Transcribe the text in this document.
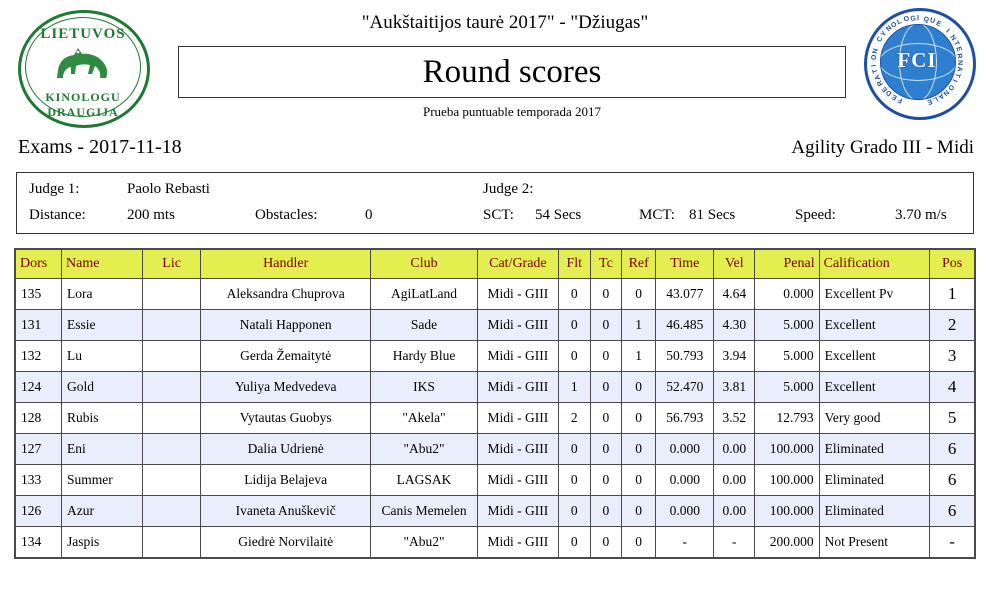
LIETUVOS
KINOLOGU DRAUGIJA
"Aukštaitijos taurė 2017" - "Džiugas"
Round scores
Prueba puntuable temporada 2017
FCI
F
E
D
E
R
A
T
I
O
N
C
Y
N
O
L O G I Q U
E
I
N
T
E
R
N
A
T
I
O
N
A
L
E
Exams - 2017-11-18	Agility Grado III - Midi
Judge 1:	Paolo Rebasti	Judge 2:
Distance:	200 mts	Obstacles:	0	SCT: 54 Secs	MCT: 81 Secs	Speed:	3.70 m/s
Dors	Name	Lic	Handler	Club	Cat/Grade	Flt	Tc	Ref	Time	Vel	Penal	Calification	Pos
135	Lora		Aleksandra Chuprova	AgiLatLand	Midi - GIII	0	0	0	43.077	4.64	0.000	Excellent Pv	1
131	Essie		Natali Happonen	Sade	Midi - GIII	0	0	1	46.485	4.30	5.000	Excellent	2
132	Lu		Gerda Žemaitytė	Hardy Blue	Midi - GIII	0	0	1	50.793	3.94	5.000	Excellent	3
124	Gold		Yuliya Medvedeva	IKS	Midi - GIII	1	0	0	52.470	3.81	5.000	Excellent	4
128	Rubis		Vytautas Guobys	"Akela"	Midi - GIII	2	0	0	56.793	3.52	12.793	Very good	5
127	Eni		Dalia Udrienė	"Abu2"	Midi - GIII	0	0	0	0.000	0.00	100.000	Eliminated	6
133	Summer		Lidija Belajeva	LAGSAK	Midi - GIII	0	0	0	0.000	0.00	100.000	Eliminated	6
126	Azur		Ivaneta Anuškevič	Canis Memelen	Midi - GIII	0	0	0	0.000	0.00	100.000	Eliminated	6
134	Jaspis		Giedrė Norvilaitė	"Abu2"	Midi - GIII	0	0	0	-	-	200.000	Not Present	-
